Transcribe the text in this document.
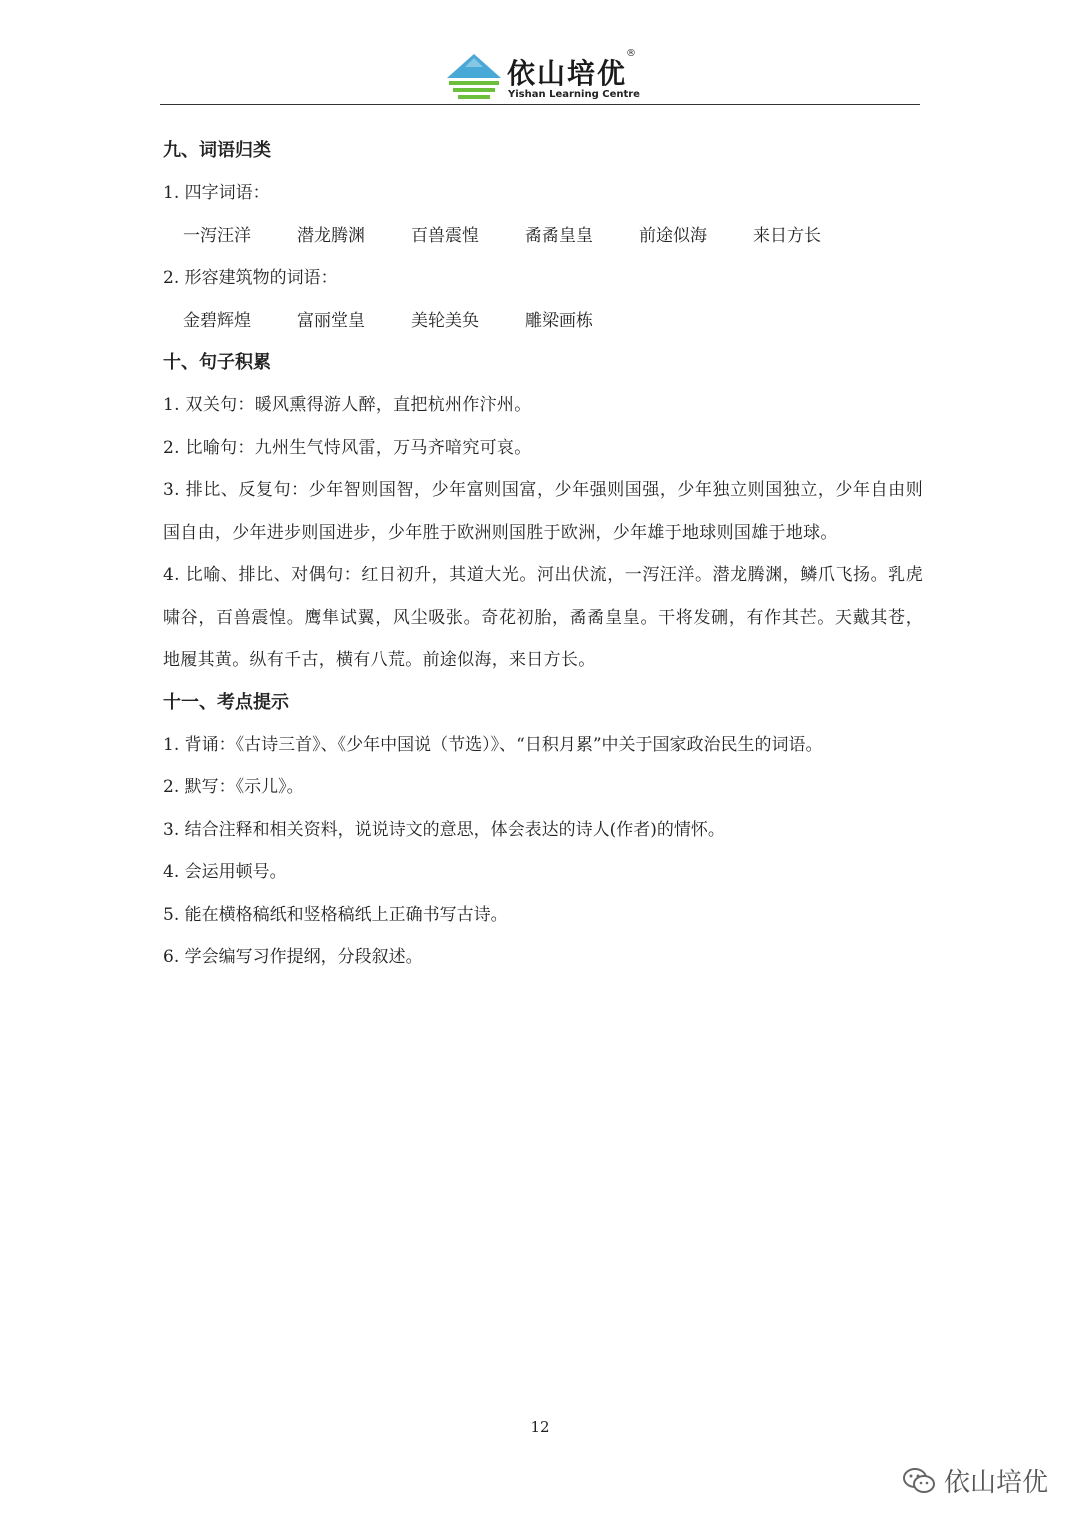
依山培优
®
Yishan Learning Centre
九、词语归类
1. 四字词语：
一泻汪洋	潜龙腾渊	百兽震惶	矞矞皇皇	前途似海	来日方长
2. 形容建筑物的词语：
金碧辉煌	富丽堂皇	美轮美奂	雕梁画栋
十、句子积累
1. 双关句：暖风熏得游人醉，直把杭州作汴州。
2. 比喻句：九州生气恃风雷，万马齐喑究可哀。
3. 排比、反复句：少年智则国智，少年富则国富，少年强则国强，少年独立则国独立，少年自由则国自由，少年进步则国进步，少年胜于欧洲则国胜于欧洲，少年雄于地球则国雄于地球。
4. 比喻、排比、对偶句：红日初升，其道大光。河出伏流，一泻汪洋。潜龙腾渊，鳞爪飞扬。乳虎啸谷，百兽震惶。鹰隼试翼，风尘吸张。奇花初胎，矞矞皇皇。干将发硎，有作其芒。天戴其苍，地履其黄。纵有千古，横有八荒。前途似海，来日方长。
十一、考点提示
1. 背诵：《古诗三首》、《少年中国说（节选）》、“日积月累”中关于国家政治民生的词语。
2. 默写：《示儿》。
3. 结合注释和相关资料，说说诗文的意思，体会表达的诗人(作者)的情怀。
4. 会运用顿号。
5. 能在横格稿纸和竖格稿纸上正确书写古诗。
6. 学会编写习作提纲，分段叙述。
12
依山培优
